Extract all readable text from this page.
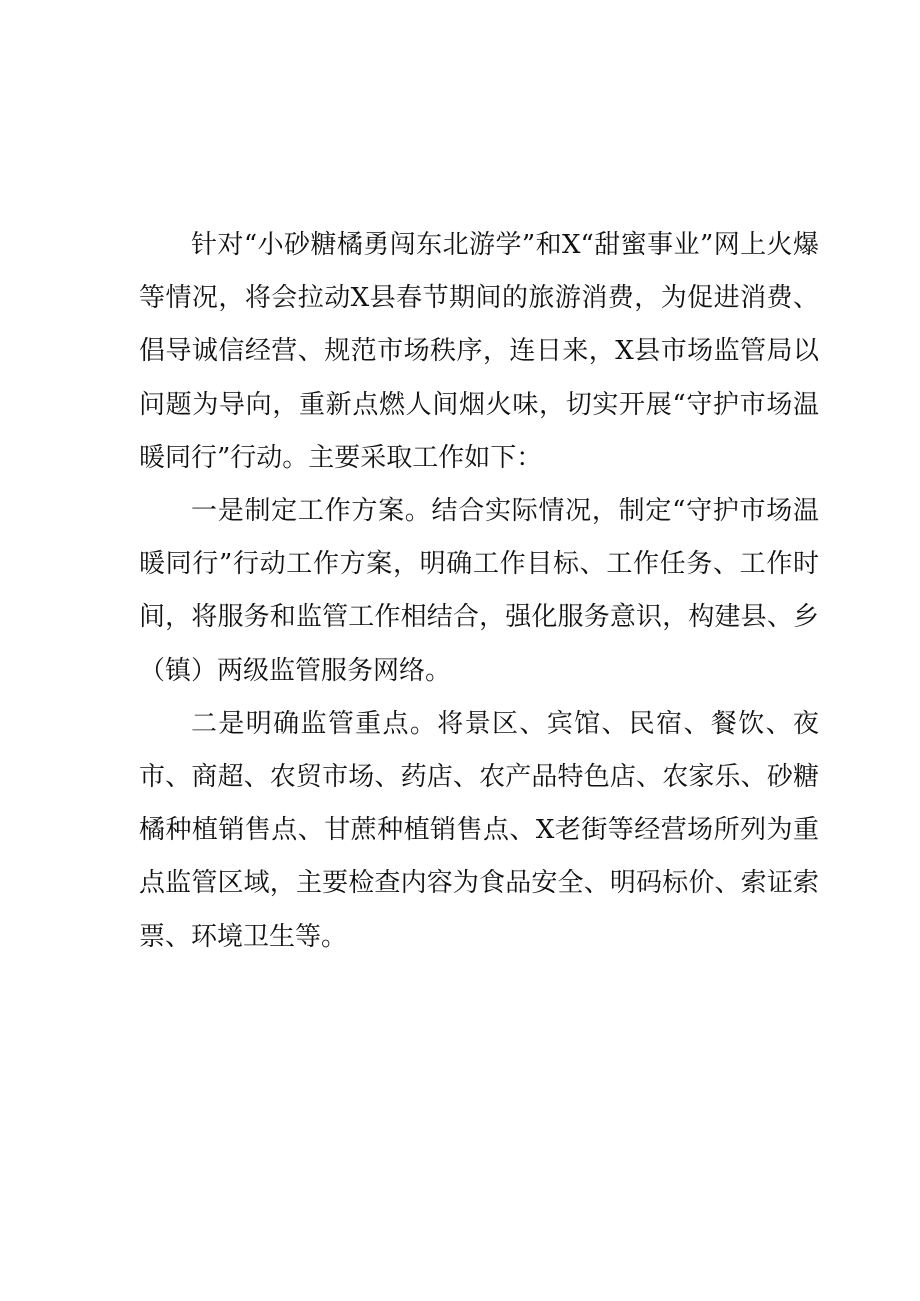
针对“小砂糖橘勇闯东北游学”和X“甜蜜事业”网上火爆等情况，将会拉动X县春节期间的旅游消费，为促进消费、倡导诚信经营、规范市场秩序，连日来，X县市场监管局以问题为导向，重新点燃人间烟火味，切实开展“守护市场温暖同行”行动。主要采取工作如下：

一是制定工作方案。结合实际情况，制定“守护市场温暖同行”行动工作方案，明确工作目标、工作任务、工作时间，将服务和监管工作相结合，强化服务意识，构建县、乡（镇）两级监管服务网络。

二是明确监管重点。将景区、宾馆、民宿、餐饮、夜市、商超、农贸市场、药店、农产品特色店、农家乐、砂糖橘种植销售点、甘蔗种植销售点、X老街等经营场所列为重点监管区域，主要检查内容为食品安全、明码标价、索证索票、环境卫生等。
